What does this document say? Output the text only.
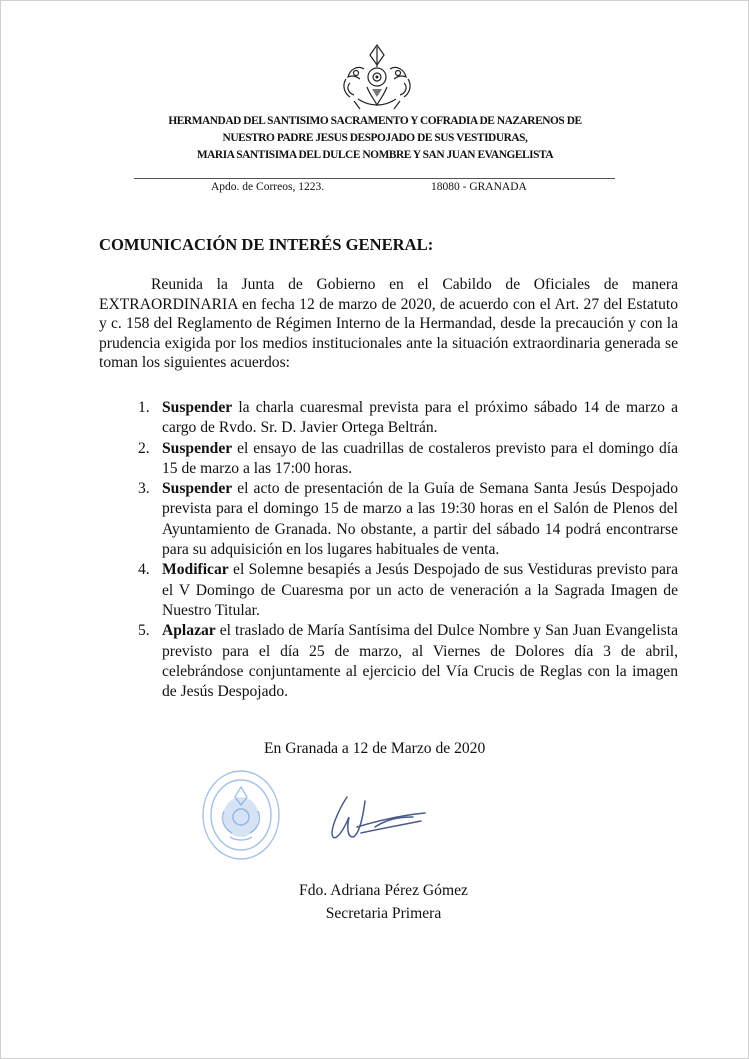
HERMANDAD DEL SANTISIMO SACRAMENTO Y COFRADIA DE NAZARENOS DE
NUESTRO PADRE JESUS DESPOJADO DE SUS VESTIDURAS,
MARIA SANTISIMA DEL DULCE NOMBRE Y SAN JUAN EVANGELISTA
Apdo. de Correos, 1223.	18080 - GRANADA
COMUNICACIÓN DE INTERÉS GENERAL:

Reunida la Junta de Gobierno en el Cabildo de Oficiales de manera EXTRAORDINARIA en fecha 12 de marzo de 2020, de acuerdo con el Art. 27 del Estatuto y c. 158 del Reglamento de Régimen Interno de la Hermandad, desde la precaución y con la prudencia exigida por los medios institucionales ante la situación extraordinaria generada se toman los siguientes acuerdos:

1. Suspender la charla cuaresmal prevista para el próximo sábado 14 de marzo a cargo de Rvdo. Sr. D. Javier Ortega Beltrán.
2. Suspender el ensayo de las cuadrillas de costaleros previsto para el domingo día 15 de marzo a las 17:00 horas.
3. Suspender el acto de presentación de la Guía de Semana Santa Jesús Despojado prevista para el domingo 15 de marzo a las 19:30 horas en el Salón de Plenos del Ayuntamiento de Granada. No obstante, a partir del sábado 14 podrá encontrarse para su adquisición en los lugares habituales de venta.
4. Modificar el Solemne besapiés a Jesús Despojado de sus Vestiduras previsto para el V Domingo de Cuaresma por un acto de veneración a la Sagrada Imagen de Nuestro Titular.
5. Aplazar el traslado de María Santísima del Dulce Nombre y San Juan Evangelista previsto para el día 25 de marzo, al Viernes de Dolores día 3 de abril, celebrándose conjuntamente al ejercicio del Vía Crucis de Reglas con la imagen de Jesús Despojado.
En Granada a 12 de Marzo de 2020
Fdo. Adriana Pérez Gómez
Secretaria Primera
